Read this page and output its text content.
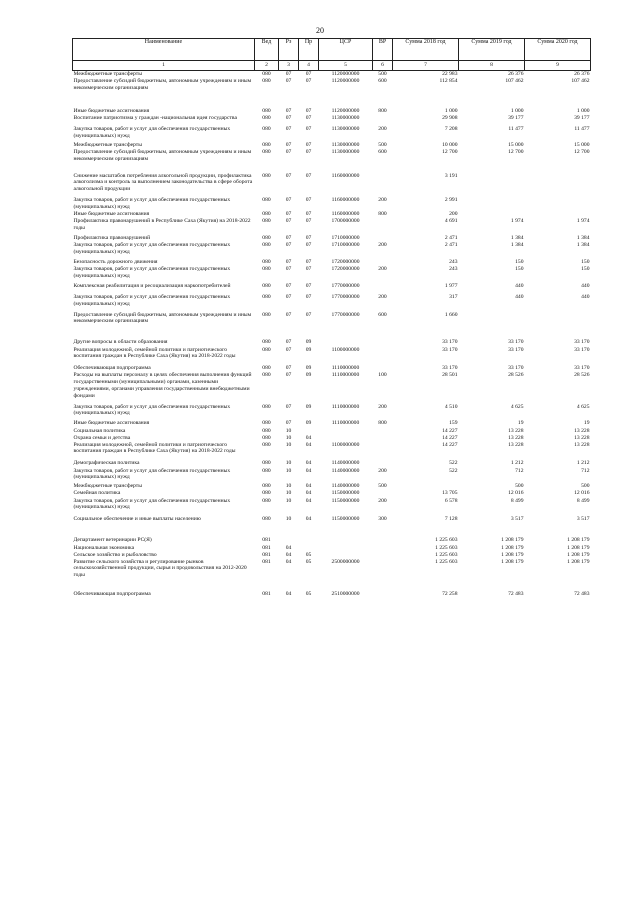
20
Наименование	Вед	Рз	Пр	ЦСР	ВР	Сумма 2018 год	Сумма 2019 год	Сумма 2020 год
1	2	3	4	5	6	7	8	9
Межбюджетные трансферты	080	07	07	1120000000	500	22 983	26 376	26 376
Предоставление субсидий бюджетным, автономным учреждениям и иным некоммерческим организациям	080	07	07	1120000000	600	112 854	107 462	107 462
Иные бюджетные ассигнования	080	07	07	1120000000	800	1 000	1 000	1 000
Воспитание патриотизма у граждан -национальная идея государства	080	07	07	1130000000		29 908	39 177	39 177
Закупка товаров, работ и услуг для обеспечения государственных (муниципальных) нужд	080	07	07	1130000000	200	7 208	11 477	11 477
Межбюджетные трансферты	080	07	07	1130000000	500	10 000	15 000	15 000
Предоставление субсидий бюджетным, автономным учреждениям и иным некоммерческим организациям	080	07	07	1130000000	600	12 700	12 700	12 700
Снижение масштабов потребления алкогольной продукции, профилактика алкоголизма и контроль за выполнением законодательства в сфере оборота алкогольной продукции	080	07	07	1160000000		3 191		
Закупка товаров, работ и услуг для обеспечения государственных (муниципальных) нужд	080	07	07	1160000000	200	2 991		
Иные бюджетные ассигнования	080	07	07	1160000000	800	200		
Профилактика правонарушений в Республике Саха (Якутия) на 2018-2022 годы	080	07	07	1700000000		4 691	1 974	1 974
Профилактика правонарушений	080	07	07	1710000000		2 471	1 384	1 384
Закупка товаров, работ и услуг для обеспечения государственных (муниципальных) нужд	080	07	07	1710000000	200	2 471	1 384	1 384
Безопасность дорожного движения	080	07	07	1720000000		243	150	150
Закупка товаров, работ и услуг для обеспечения государственных (муниципальных) нужд	080	07	07	1720000000	200	243	150	150
Комплексная реабилитация и ресоциализация наркопотребителей	080	07	07	1770000000		1 977	440	440
Закупка товаров, работ и услуг для обеспечения государственных (муниципальных) нужд	080	07	07	1770000000	200	317	440	440
Предоставление субсидий бюджетным, автономным учреждениям и иным некоммерческим организациям	080	07	07	1770000000	600	1 660		
Другие вопросы в области образования	080	07	09			33 170	33 170	33 170
Реализация молодежной, семейной политики и патриотического воспитания граждан в Республике Саха (Якутия) на 2018-2022 годы	080	07	09	1100000000		33 170	33 170	33 170
Обеспечивающая подпрограмма	080	07	09	1110000000		33 170	33 170	33 170
Расходы на выплаты персоналу в целях обеспечения выполнения функций государственными (муниципальными) органами, казенными учреждениями, органами управления государственными внебюджетными фондами	080	07	09	1110000000	100	28 501	28 526	28 526
Закупка товаров, работ и услуг для обеспечения государственных (муниципальных) нужд	080	07	09	1110000000	200	4 510	4 625	4 625
Иные бюджетные ассигнования	080	07	09	1110000000	800	159	19	19
Социальная политика	080	10				14 227	13 228	13 228
Охрана семьи и детства	080	10	04			14 227	13 228	13 228
Реализация молодежной, семейной политики и патриотического воспитания граждан в Республике Саха (Якутия) на 2018-2022 годы	080	10	04	1100000000		14 227	13 228	13 228
Демографическая политика	080	10	04	1140000000		522	1 212	1 212
Закупка товаров, работ и услуг для обеспечения государственных (муниципальных) нужд	080	10	04	1140000000	200	522	712	712
Межбюджетные трансферты	080	10	04	1140000000	500		500	500
Семейная политика	080	10	04	1150000000		13 705	12 016	12 016
Закупка товаров, работ и услуг для обеспечения государственных (муниципальных) нужд	080	10	04	1150000000	200	6 578	8 499	8 499
Социальное обеспечение и иные выплаты населению	080	10	04	1150000000	300	7 128	3 517	3 517
Департамент ветеринарии РС(Я)	081					1 225 603	1 208 179	1 208 179
Национальная экономика	081	04				1 225 603	1 208 179	1 208 179
Сельское хозяйство и рыболовство	081	04	05			1 225 603	1 208 179	1 208 179
Развитие сельского хозяйства и регулирование рынков сельскохозяйственной продукции, сырья и продовольствия на 2012-2020 годы	081	04	05	2500000000		1 225 603	1 208 179	1 208 179
Обеспечивающая подпрограмма	081	04	05	2510000000		72 258	72 483	72 483
